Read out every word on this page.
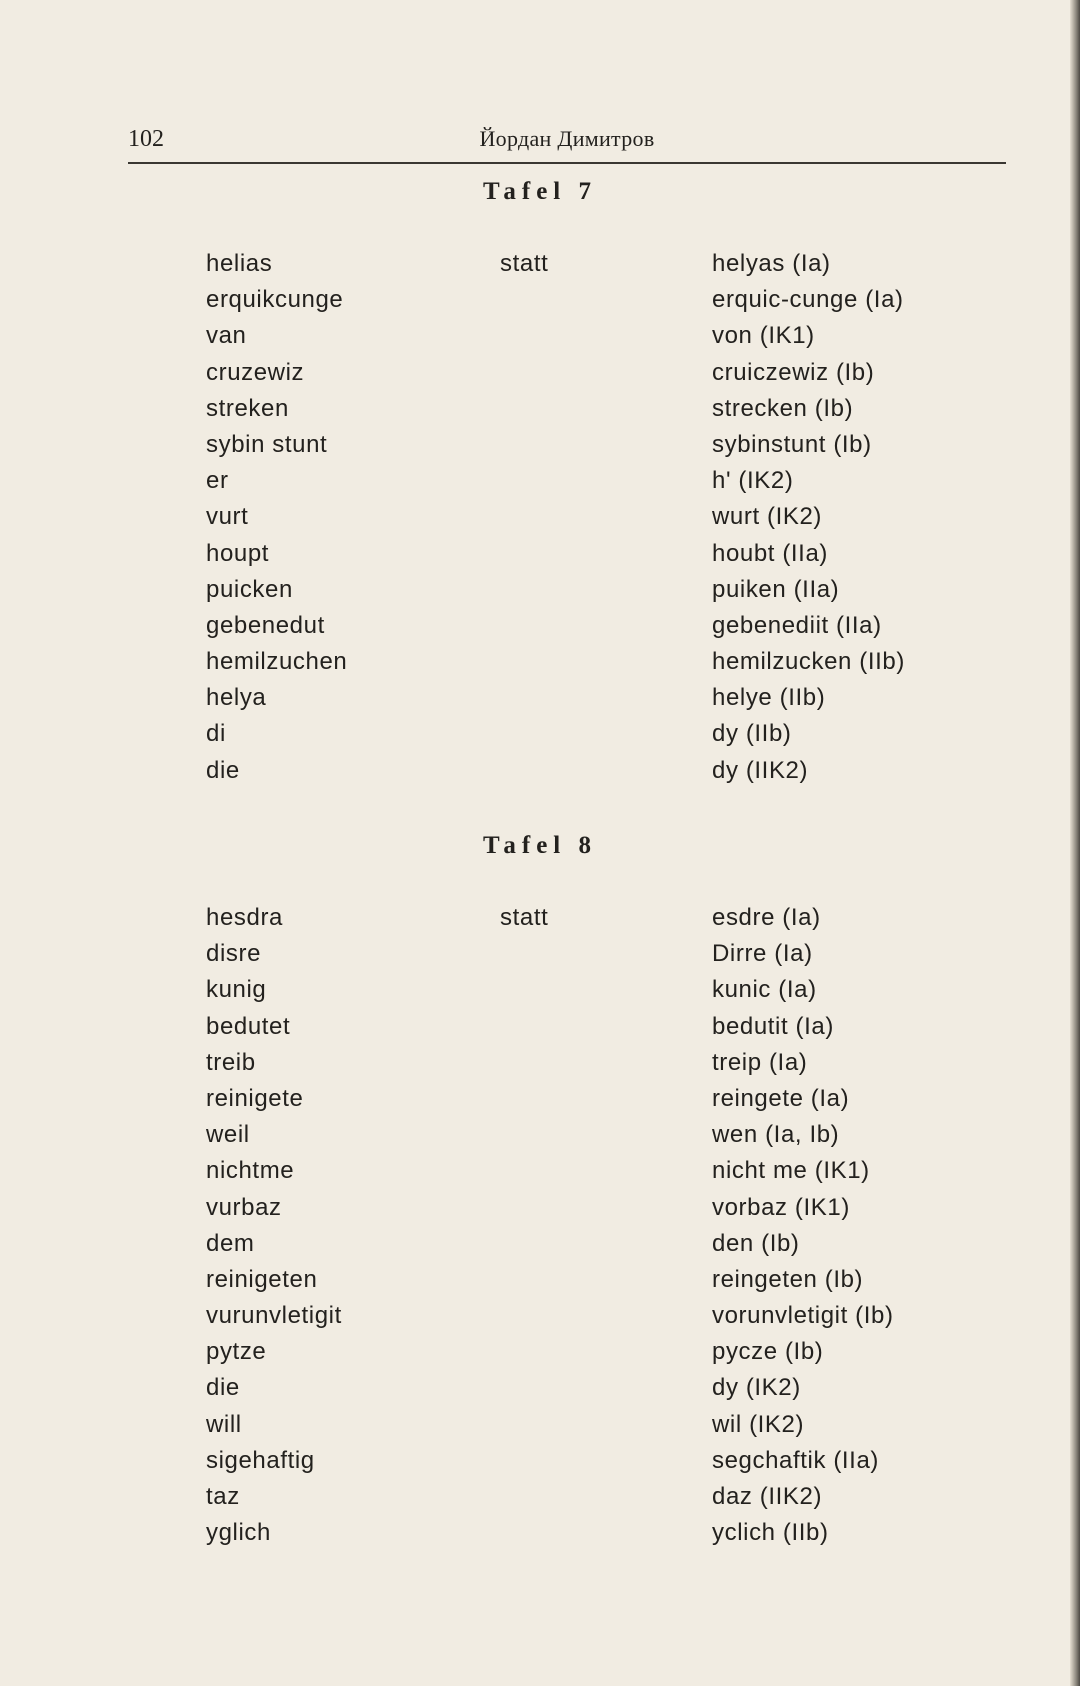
102	Йордан Димитров
Tafel 7
helias	statt	helyas (Ia)
erquikcunge	erquic-cunge (Ia)
van	von (IK1)
cruzewiz	cruiczewiz (Ib)
streken	strecken (Ib)
sybin stunt	sybinstunt (Ib)
er	h' (IK2)
vurt	wurt (IK2)
houpt	houbt (IIa)
puicken	puiken (IIa)
gebenedut	gebenediit (IIa)
hemilzuchen	hemilzucken (IIb)
helya	helye (IIb)
di	dy (IIb)
die	dy (IIK2)
Tafel 8
hesdra	statt	esdre (Ia)
disre	Dirre (Ia)
kunig	kunic (Ia)
bedutet	bedutit (Ia)
treib	treip (Ia)
reinigete	reingete (Ia)
weil	wen (Ia, Ib)
nichtme	nicht me (IK1)
vurbaz	vorbaz (IK1)
dem	den (Ib)
reinigeten	reingeten (Ib)
vurunvletigit	vorunvletigit (Ib)
pytze	pycze (Ib)
die	dy (IK2)
will	wil (IK2)
sigehaftig	segchaftik (IIa)
taz	daz (IIK2)
yglich	yclich (IIb)
